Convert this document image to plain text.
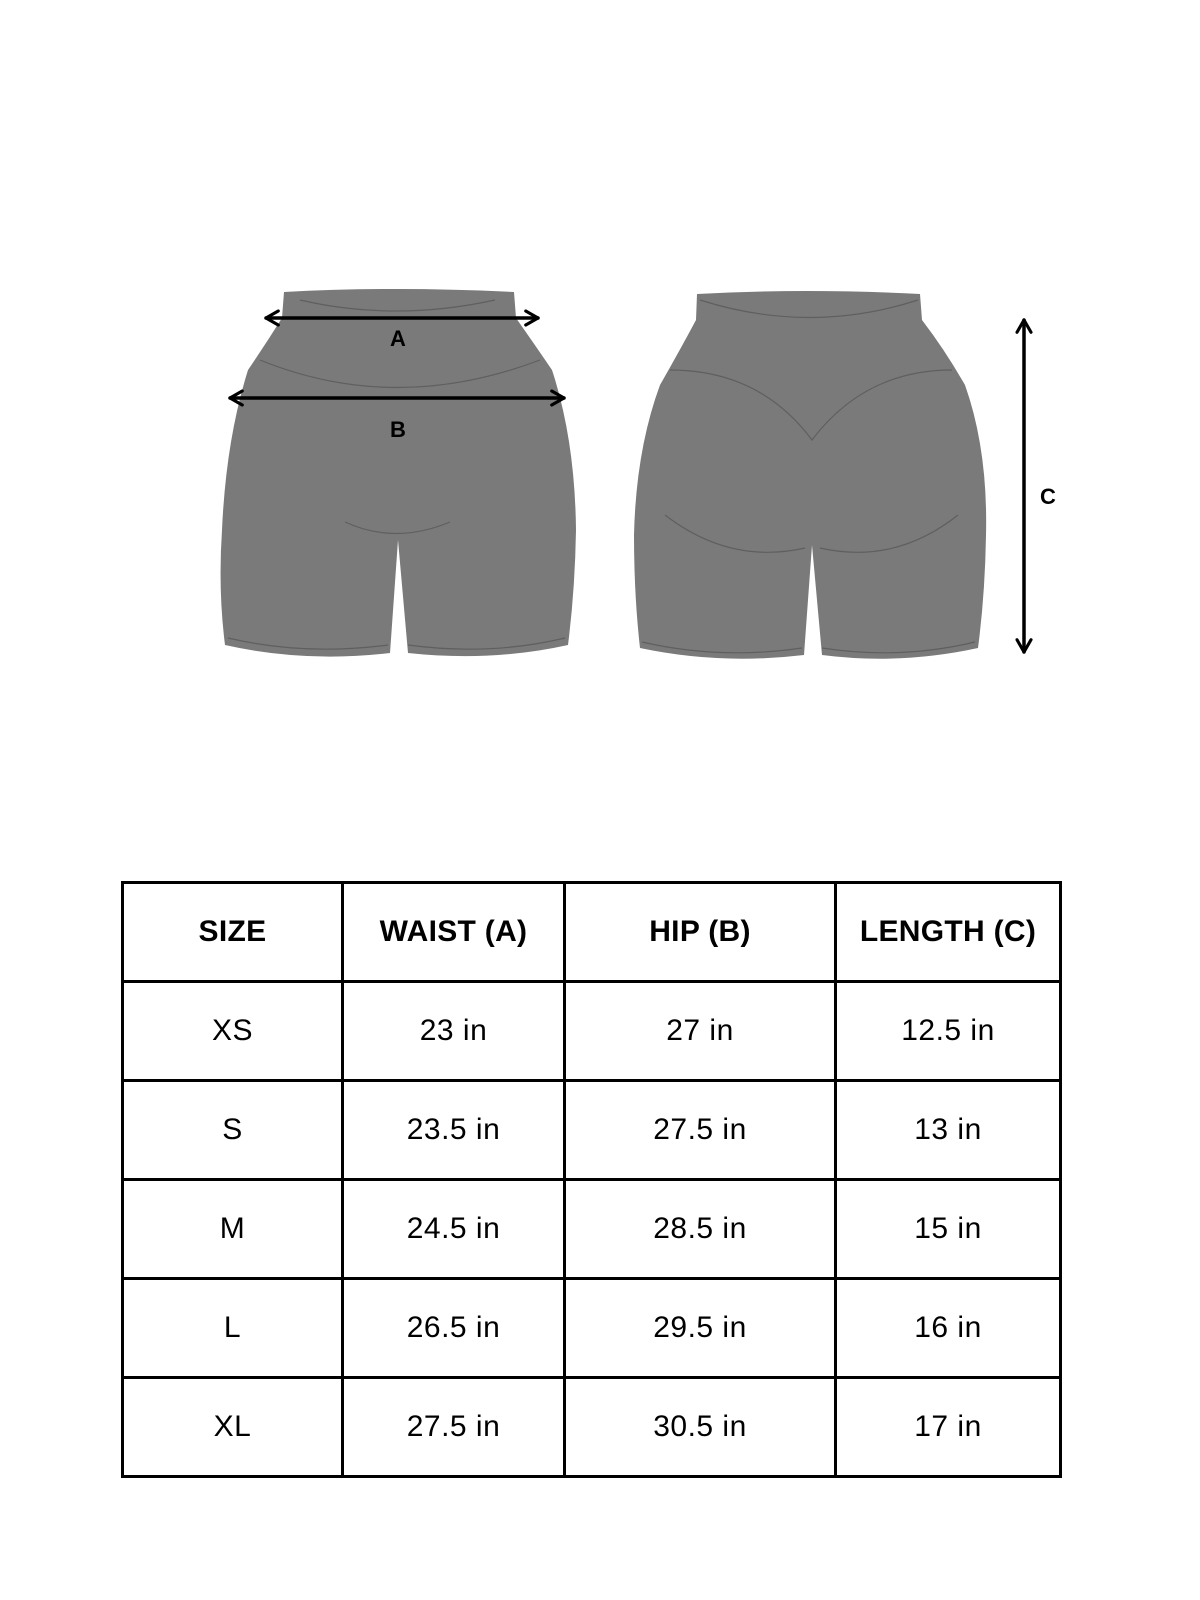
A
B
C
SIZE	WAIST (A)	HIP (B)	LENGTH (C)
XS	23 in	27 in	12.5 in
S	23.5 in	27.5 in	13 in
M	24.5 in	28.5 in	15 in
L	26.5 in	29.5 in	16 in
XL	27.5 in	30.5 in	17 in
